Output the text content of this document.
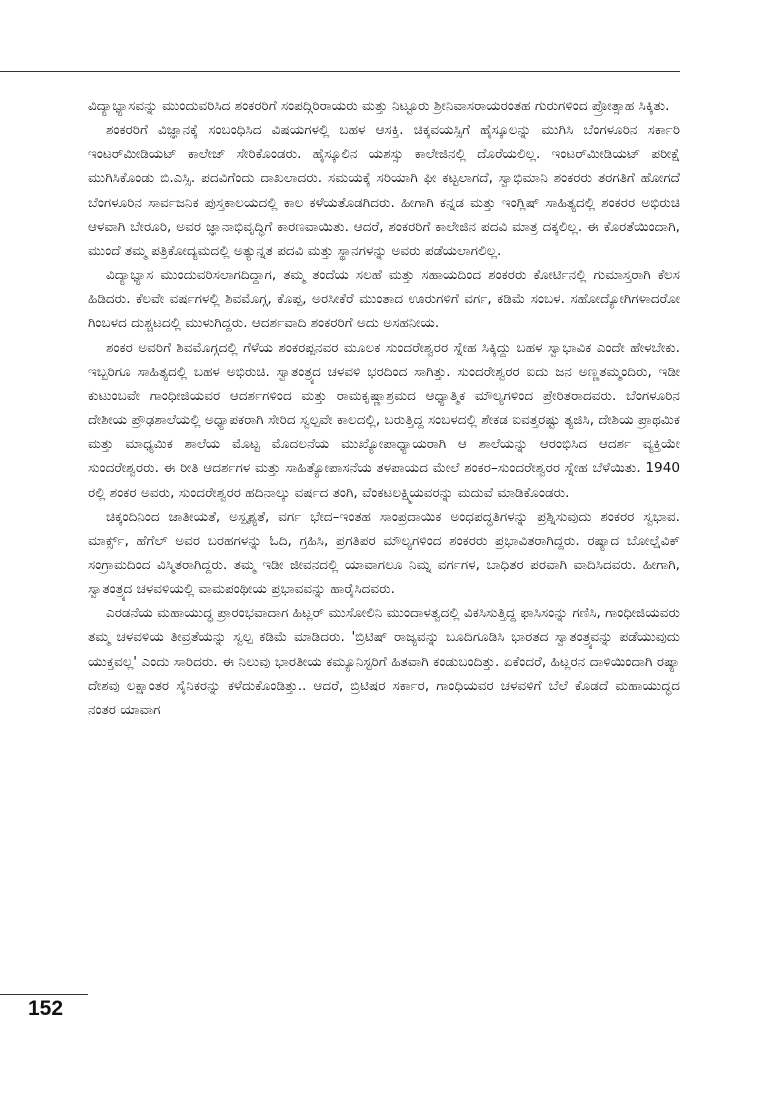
ವಿದ್ಯಾಭ್ಯಾಸವನ್ನು ಮುಂದುವರಿಸಿದ ಶಂಕರರಿಗೆ ಸಂಪದ್ಗಿರಿರಾಯರು ಮತ್ತು ನಿಟ್ಟೂರು ಶ್ರೀನಿವಾಸರಾಯರಂತಹ ಗುರುಗಳಿಂದ ಪ್ರೋತ್ಸಾಹ ಸಿಕ್ಕಿತು.

ಶಂಕರರಿಗೆ ವಿಜ್ಞಾನಕ್ಕೆ ಸಂಬಂಧಿಸಿದ ವಿಷಯಗಳಲ್ಲಿ ಬಹಳ ಆಸಕ್ತಿ. ಚಿಕ್ಕವಯಸ್ಸಿಗೆ ಹೈಸ್ಕೂಲನ್ನು ಮುಗಿಸಿ ಬೆಂಗಳೂರಿನ ಸರ್ಕಾರಿ ಇಂಟರ್‌ಮೀಡಿಯಟ್ ಕಾಲೇಜ್ ಸೇರಿಕೊಂಡರು. ಹೈಸ್ಕೂಲಿನ ಯಶಸ್ಸು ಕಾಲೇಜಿನಲ್ಲಿ ದೊರೆಯಲಿಲ್ಲ. ಇಂಟರ್‌ಮೀಡಿಯಟ್ ಪರೀಕ್ಷೆ ಮುಗಿಸಿಕೊಂಡು ಬಿ.ಎಸ್ಸಿ. ಪದವಿಗೆಂದು ದಾಖಲಾದರು. ಸಮಯಕ್ಕೆ ಸರಿಯಾಗಿ ಫೀ ಕಟ್ಟಲಾಗದೆ, ಸ್ವಾಭಿಮಾನಿ ಶಂಕರರು ತರಗತಿಗೆ ಹೋಗದೆ ಬೆಂಗಳೂರಿನ ಸಾರ್ವಜನಿಕ ಪುಸ್ತಕಾಲಯದಲ್ಲಿ ಕಾಲ ಕಳೆಯತೊಡಗಿದರು. ಹೀಗಾಗಿ ಕನ್ನಡ ಮತ್ತು ಇಂಗ್ಲಿಷ್ ಸಾಹಿತ್ಯದಲ್ಲಿ ಶಂಕರರ ಅಭಿರುಚಿ ಆಳವಾಗಿ ಬೇರೂರಿ, ಅವರ ಜ್ಞಾನಾಭಿವೃದ್ಧಿಗೆ ಕಾರಣವಾಯಿತು. ಆದರೆ, ಶಂಕರರಿಗೆ ಕಾಲೇಜಿನ ಪದವಿ ಮಾತ್ರ ದಕ್ಕಲಿಲ್ಲ. ಈ ಕೊರತೆಯಿಂದಾಗಿ, ಮುಂದೆ ತಮ್ಮ ಪತ್ರಿಕೋದ್ಯಮದಲ್ಲಿ ಅತ್ಯುನ್ನತ ಪದವಿ ಮತ್ತು ಸ್ಥಾನಗಳನ್ನು ಅವರು ಪಡೆಯಲಾಗಲಿಲ್ಲ.

ವಿದ್ಯಾಭ್ಯಾಸ ಮುಂದುವರಿಸಲಾಗದಿದ್ದಾಗ, ತಮ್ಮ ತಂದೆಯ ಸಲಹೆ ಮತ್ತು ಸಹಾಯದಿಂದ ಶಂಕರರು ಕೋರ್ಟಿನಲ್ಲಿ ಗುಮಾಸ್ತರಾಗಿ ಕೆಲಸ ಹಿಡಿದರು. ಕೆಲವೇ ವರ್ಷಗಳಲ್ಲಿ ಶಿವಮೊಗ್ಗ, ಕೊಪ್ಪ, ಅರಸೀಕೆರೆ ಮುಂತಾದ ಊರುಗಳಿಗೆ ವರ್ಗ, ಕಡಿಮೆ ಸಂಬಳ. ಸಹೋದ್ಯೋಗಿಗಳಾದರೋ ಗಿಂಬಳದ ದುಶ್ಚಟದಲ್ಲಿ ಮುಳುಗಿದ್ದರು. ಆದರ್ಶವಾದಿ ಶಂಕರರಿಗೆ ಅದು ಅಸಹನೀಯ.

ಶಂಕರ ಅವರಿಗೆ ಶಿವಮೊಗ್ಗದಲ್ಲಿ ಗೆಳೆಯ ಶಂಕರಪ್ಪನವರ ಮೂಲಕ ಸುಂದರೇಶ್ವರರ ಸ್ನೇಹ ಸಿಕ್ಕಿದ್ದು ಬಹಳ ಸ್ವಾಭಾವಿಕ ಎಂದೇ ಹೇಳಬೇಕು. ಇಬ್ಬರಿಗೂ ಸಾಹಿತ್ಯದಲ್ಲಿ ಬಹಳ ಅಭಿರುಚಿ. ಸ್ವಾತಂತ್ರ್ಯದ ಚಳವಳಿ ಭರದಿಂದ ಸಾಗಿತ್ತು. ಸುಂದರೇಶ್ವರರ ಐದು ಜನ ಅಣ್ಣತಮ್ಮಂದಿರು, ಇಡೀ ಕುಟುಂಬವೇ ಗಾಂಧೀಜಿಯವರ ಆದರ್ಶಗಳಿಂದ ಮತ್ತು ರಾಮಕೃಷ್ಣಾಶ್ರಮದ ಆಧ್ಯಾತ್ಮಿಕ ಮೌಲ್ಯಗಳಿಂದ ಪ್ರೇರಿತರಾದವರು. ಬೆಂಗಳೂರಿನ ದೇಶೀಯ ಪ್ರೌಢಶಾಲೆಯಲ್ಲಿ ಅಧ್ಯಾಪಕರಾಗಿ ಸೇರಿದ ಸ್ವಲ್ಪವೇ ಕಾಲದಲ್ಲಿ, ಬರುತ್ತಿದ್ದ ಸಂಬಳದಲ್ಲಿ ಶೇಕಡ ಐವತ್ತರಷ್ಟು ತ್ಯಜಿಸಿ, ದೇಶಿಯ ಪ್ರಾಥಮಿಕ ಮತ್ತು ಮಾಧ್ಯಮಿಕ ಶಾಲೆಯ ಮೊಟ್ಟ ಮೊದಲನೆಯ ಮುಖ್ಯೋಪಾಧ್ಯಾಯರಾಗಿ ಆ ಶಾಲೆಯನ್ನು ಆರಂಭಿಸಿದ ಆದರ್ಶ ವ್ಯಕ್ತಿಯೇ ಸುಂದರೇಶ್ವರರು. ಈ ರೀತಿ ಆದರ್ಶಗಳ ಮತ್ತು ಸಾಹಿತ್ಯೋಪಾಸನೆಯ ತಳಪಾಯದ ಮೇಲೆ ಶಂಕರ–ಸುಂದರೇಶ್ವರರ ಸ್ನೇಹ ಬೆಳೆಯಿತು. 1940 ರಲ್ಲಿ ಶಂಕರ ಅವರು, ಸುಂದರೇಶ್ವರರ ಹದಿನಾಲ್ಕು ವರ್ಷದ ತಂಗಿ, ವೆಂಕಟಲಕ್ಷ್ಮಿಯವರನ್ನು ಮದುವೆ ಮಾಡಿಕೊಂಡರು.

ಚಿಕ್ಕಂದಿನಿಂದ ಜಾತೀಯತೆ, ಅಸ್ಪೃಶ್ಯತೆ, ವರ್ಗ ಭೇದ–ಇಂತಹ ಸಾಂಪ್ರದಾಯಿಕ ಅಂಧಪದ್ಧತಿಗಳನ್ನು ಪ್ರಶ್ನಿಸುವುದು ಶಂಕರರ ಸ್ವಭಾವ. ಮಾರ್ಕ್ಸ್, ಹೆಗೆಲ್ ಅವರ ಬರಹಗಳನ್ನು ಓದಿ, ಗ್ರಹಿಸಿ, ಪ್ರಗತಿಪರ ಮೌಲ್ಯಗಳಿಂದ ಶಂಕರರು ಪ್ರಭಾವಿತರಾಗಿದ್ದರು. ರಷ್ಯಾದ ಬೋಲ್ಷೆವಿಕ್ ಸಂಗ್ರಾಮದಿಂದ ವಿಸ್ಮಿತರಾಗಿದ್ದರು. ತಮ್ಮ ಇಡೀ ಜೀವನದಲ್ಲಿ ಯಾವಾಗಲೂ ನಿಮ್ನ ವರ್ಗಗಳ, ಬಾಧಿತರ ಪರವಾಗಿ ವಾದಿಸಿದವರು. ಹೀಗಾಗಿ, ಸ್ವಾತಂತ್ರ್ಯದ ಚಳವಳಿಯಲ್ಲಿ ವಾಮಪಂಥೀಯ ಪ್ರಭಾವವನ್ನು ಹಾರೈಸಿದವರು.

ಎರಡನೆಯ ಮಹಾಯುದ್ಧ ಪ್ರಾರಂಭವಾದಾಗ ಹಿಟ್ಲರ್ ಮುಸೋಲಿನಿ ಮುಂದಾಳತ್ವದಲ್ಲಿ ವಿಕಸಿಸುತ್ತಿದ್ದ ಫಾಸಿಸಂನ್ನು ಗಣಿಸಿ, ಗಾಂಧೀಜಿಯವರು ತಮ್ಮ ಚಳವಳಿಯ ತೀವ್ರತೆಯನ್ನು ಸ್ವಲ್ಪ ಕಡಿಮೆ ಮಾಡಿದರು. 'ಬ್ರಿಟಿಷ್ ರಾಜ್ಯವನ್ನು ಬೂದಿಗೂಡಿಸಿ ಭಾರತದ ಸ್ವಾತಂತ್ರ್ಯವನ್ನು ಪಡೆಯುವುದು ಯುಕ್ತವಲ್ಲ' ಎಂದು ಸಾರಿದರು. ಈ ನಿಲುವು ಭಾರತೀಯ ಕಮ್ಯೂನಿಸ್ಟರಿಗೆ ಹಿತವಾಗಿ ಕಂಡುಬಂದಿತ್ತು. ಏಕೆಂದರೆ, ಹಿಟ್ಲರನ ದಾಳಿಯಿಂದಾಗಿ ರಷ್ಯಾ ದೇಶವು ಲಕ್ಷಾಂತರ ಸೈನಿಕರನ್ನು ಕಳೆದುಕೊಂಡಿತ್ತು.. ಆದರೆ, ಬ್ರಿಟಿಷರ ಸರ್ಕಾರ, ಗಾಂಧಿಯವರ ಚಳವಳಿಗೆ ಬೆಲೆ ಕೊಡದೆ ಮಹಾಯುದ್ಧದ ನಂತರ ಯಾವಾಗ

152
